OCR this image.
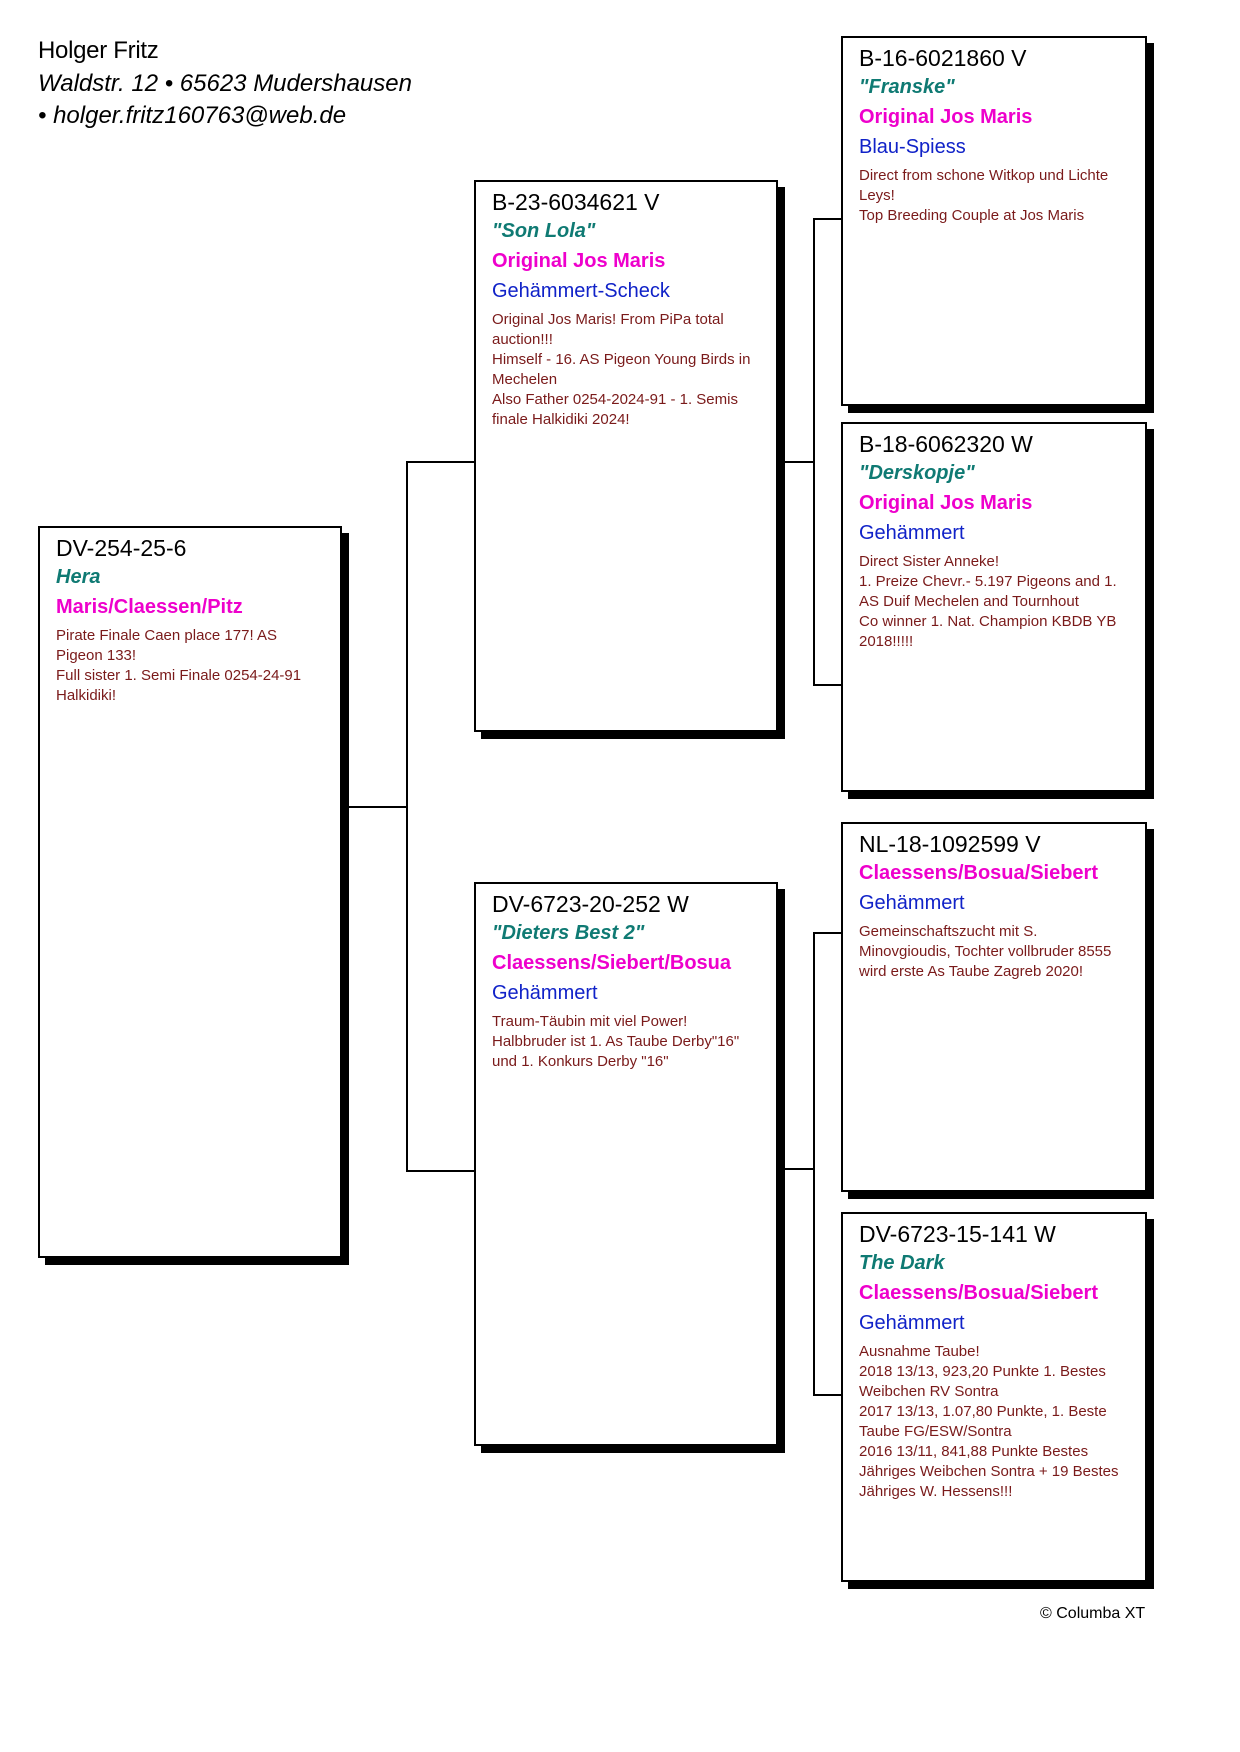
Holger Fritz
Waldstr. 12 • 65623 Mudershausen
• holger.fritz160763@web.de
DV-254-25-6
Hera
Maris/Claessen/Pitz
Pirate Finale Caen place 177! AS Pigeon 133!
Full sister 1. Semi Finale 0254-24-91 Halkidiki!
B-23-6034621 V
"Son Lola"
Original Jos Maris
Gehämmert-Scheck
Original Jos Maris! From PiPa total auction!!!
Himself - 16. AS Pigeon Young Birds in Mechelen
Also Father 0254-2024-91 - 1. Semis finale Halkidiki 2024!
DV-6723-20-252 W
"Dieters Best 2"
Claessens/Siebert/Bosua
Gehämmert
Traum-Täubin mit viel Power!
Halbbruder ist 1. As Taube Derby"16" und 1. Konkurs Derby "16"
B-16-6021860 V
"Franske"
Original Jos Maris
Blau-Spiess
Direct from schone Witkop und Lichte Leys!
Top Breeding Couple at Jos Maris
B-18-6062320 W
"Derskopje"
Original Jos Maris
Gehämmert
Direct Sister Anneke!
1. Preize Chevr.- 5.197 Pigeons and 1. AS Duif Mechelen and Tournhout
Co winner 1. Nat. Champion KBDB YB 2018!!!!!
NL-18-1092599 V
Claessens/Bosua/Siebert
Gehämmert
Gemeinschaftszucht mit S. Minovgioudis, Tochter vollbruder 8555 wird erste As Taube Zagreb 2020!
DV-6723-15-141 W
The Dark
Claessens/Bosua/Siebert
Gehämmert
Ausnahme Taube!
2018 13/13, 923,20 Punkte 1. Bestes Weibchen RV Sontra
2017 13/13, 1.07,80 Punkte, 1. Beste Taube FG/ESW/Sontra
2016 13/11, 841,88 Punkte Bestes Jähriges Weibchen Sontra + 19 Bestes Jähriges W. Hessens!!!
© Columba XT
